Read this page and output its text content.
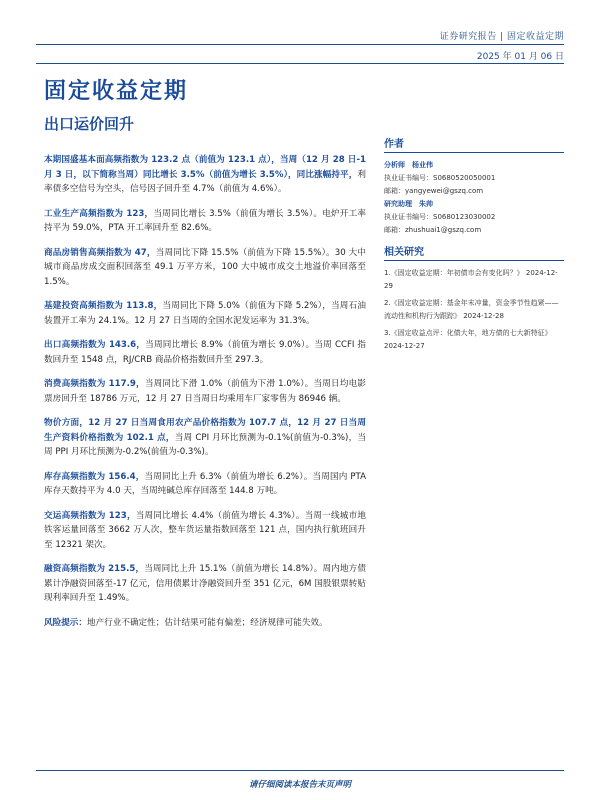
证券研究报告 | 固定收益定期
2025 年 01 月 06 日
固定收益定期
出口运价回升

本期国盛基本面高频指数为 123.2 点（前值为 123.1 点），当周（12 月 28 日-1 月 3 日，以下简称当周）同比增长 3.5%（前值为增长 3.5%），同比涨幅持平，利率债多空信号为空头，信号因子回升至 4.7%（前值为 4.6%）。

工业生产高频指数为 123，当周同比增长 3.5%（前值为增长 3.5%）。电炉开工率持平为 59.0%，PTA 开工率回升至 82.6%。

商品房销售高频指数为 47，当周同比下降 15.5%（前值为下降 15.5%）。30 大中城市商品房成交面积回落至 49.1 万平方米，100 大中城市成交土地溢价率回落至 1.5%。

基建投资高频指数为 113.8，当周同比下降 5.0%（前值为下降 5.2%），当周石油装置开工率为 24.1%。12 月 27 日当周的全国水泥发运率为 31.3%。

出口高频指数为 143.6，当周同比增长 8.9%（前值为增长 9.0%）。当周 CCFI 指数回升至 1548 点，RJ/CRB 商品价格指数回升至 297.3。

消费高频指数为 117.9，当周同比下滑 1.0%（前值为下滑 1.0%）。当周日均电影票房回升至 18786 万元，12 月 27 日当周日均乘用车厂家零售为 86946 辆。

物价方面，12 月 27 日当周食用农产品价格指数为 107.7 点，12 月 27 日当周生产资料价格指数为 102.1 点，当周 CPI 月环比预测为-0.1%(前值为-0.3%)，当周 PPI 月环比预测为-0.2%(前值为-0.3%)。

库存高频指数为 156.4，当周同比上升 6.3%（前值为增长 6.2%）。当周国内 PTA 库存天数持平为 4.0 天，当周纯碱总库存回落至 144.8 万吨。

交运高频指数为 123，当周同比增长 4.4%（前值为增长 4.3%）。当周一线城市地铁客运量回落至 3662 万人次，整车货运量指数回落至 121 点，国内执行航班回升至 12321 架次。

融资高频指数为 215.5，当周同比上升 15.1%（前值为增长 14.8%）。周内地方债累计净融资回落至-17 亿元，信用债累计净融资回升至 351 亿元，6M 国股银票转贴现利率回升至 1.49%。

风险提示：地产行业不确定性；估计结果可能有偏差；经济规律可能失效。

作者
分析师　 杨业伟
执业证书编号：S0680520050001
邮箱：yangyewei@gszq.com
研究助理　 朱帅
执业证书编号：S0680123030002
邮箱：zhushuai1@gszq.com
相关研究
1.《固定收益定期：年初债市会有变化吗？》 2024-12-29
2.《固定收益定期：基金年末冲量，资金季节性趋紧——流动性和机构行为跟踪》 2024-12-28
3.《固定收益点评：化债大年，地方债的七大新特征》 2024-12-27
请仔细阅读本报告末页声明
